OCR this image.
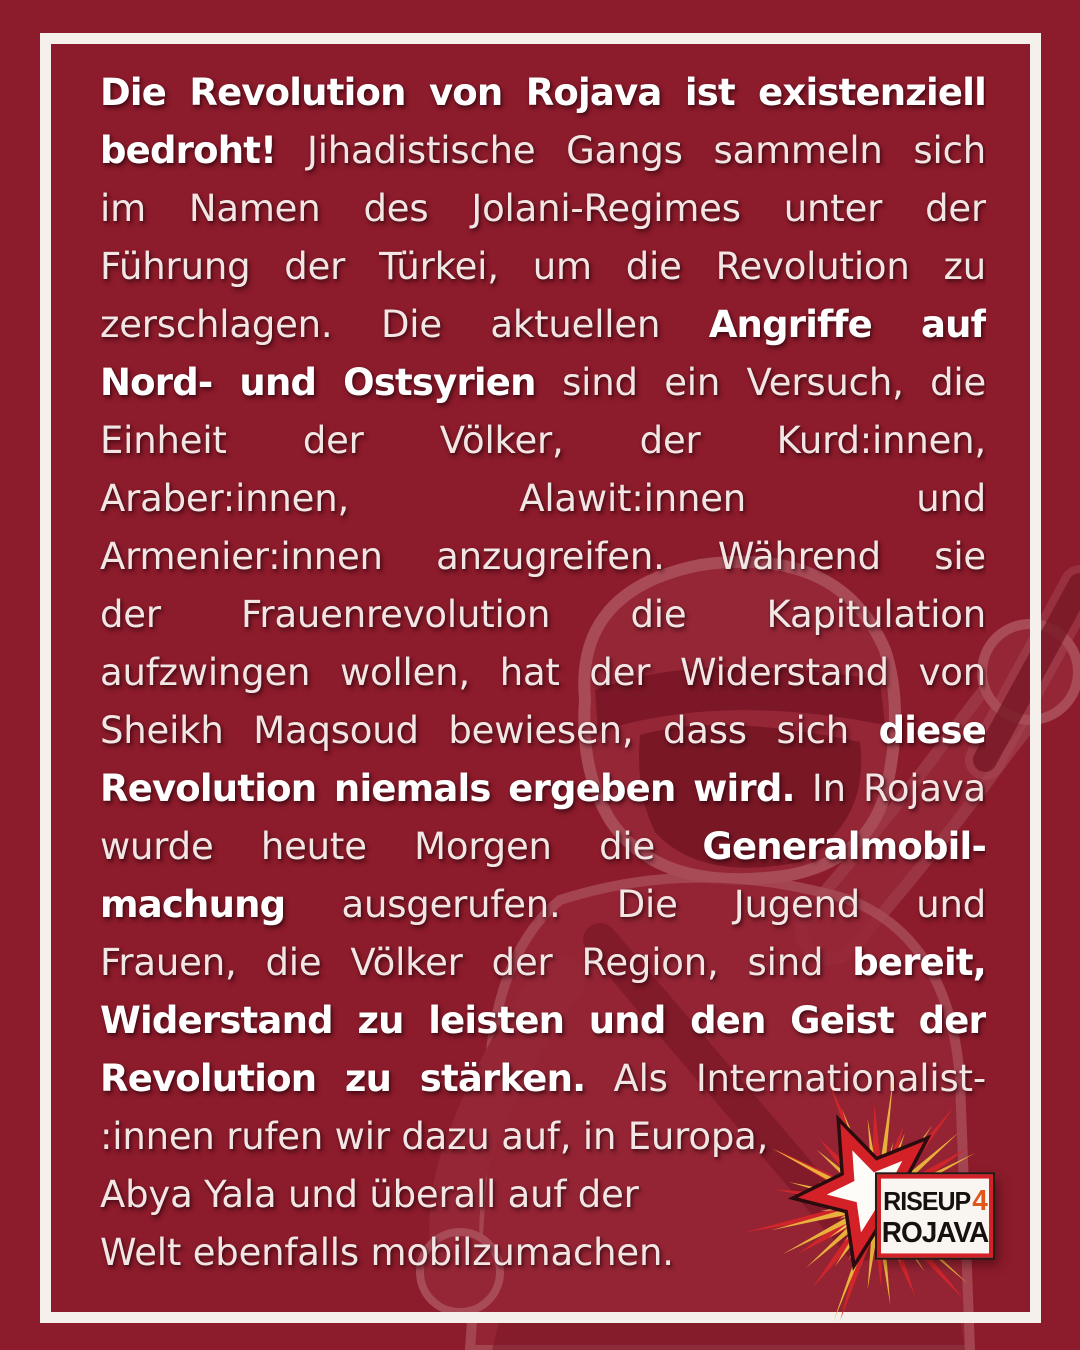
Die Revolution von Rojava ist existenziell
bedroht! Jihadistische Gangs sammeln sich
im Namen des Jolani-Regimes unter der
Führung der Türkei, um die Revolution zu
zerschlagen. Die aktuellen Angriffe auf
Nord- und Ostsyrien sind ein Versuch, die
Einheit der Völker, der Kurd:innen,
Araber:innen, Alawit:innen und
Armenier:innen anzugreifen. Während sie
der Frauenrevolution die Kapitulation
aufzwingen wollen, hat der Widerstand von
Sheikh Maqsoud bewiesen, dass sich diese
Revolution niemals ergeben wird. In Rojava
wurde heute Morgen die Generalmobil-
machung ausgerufen. Die Jugend und
Frauen, die Völker der Region, sind bereit,
Widerstand zu leisten und den Geist der
Revolution zu stärken. Als Internationalist-
:innen rufen wir dazu auf, in Europa,
Abya Yala und überall auf der
Welt ebenfalls mobilzumachen.
RISEUP4
ROJAVA
